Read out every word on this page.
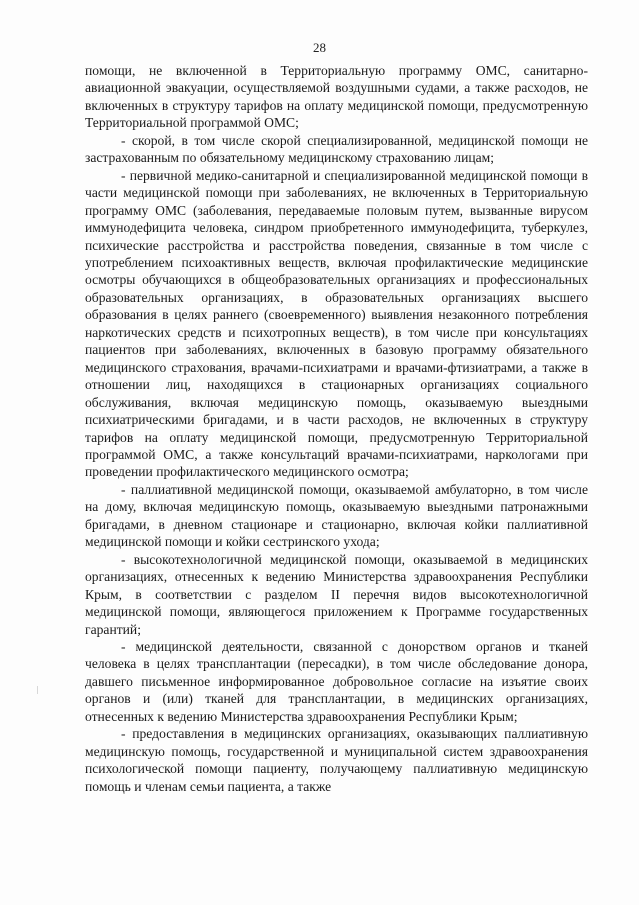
28

помощи, не включенной в Территориальную программу ОМС, санитарно-авиационной эвакуации, осуществляемой воздушными судами, а также расходов, не включенных в структуру тарифов на оплату медицинской помощи, предусмотренную Территориальной программой ОМС;

- скорой, в том числе скорой специализированной, медицинской помощи не застрахованным по обязательному медицинскому страхованию лицам;

- первичной медико-санитарной и специализированной медицинской помощи в части медицинской помощи при заболеваниях, не включенных в Территориальную программу ОМС (заболевания, передаваемые половым путем, вызванные вирусом иммунодефицита человека, синдром приобретенного иммунодефицита, туберкулез, психические расстройства и расстройства поведения, связанные в том числе с употреблением психоактивных веществ, включая профилактические медицинские осмотры обучающихся в общеобразовательных организациях и профессиональных образовательных организациях, в образовательных организациях высшего образования в целях раннего (своевременного) выявления незаконного потребления наркотических средств и психотропных веществ), в том числе при консультациях пациентов при заболеваниях, включенных в базовую программу обязательного медицинского страхования, врачами-психиатрами и врачами-фтизиатрами, а также в отношении лиц, находящихся в стационарных организациях социального обслуживания, включая медицинскую помощь, оказываемую выездными психиатрическими бригадами, и в части расходов, не включенных в структуру тарифов на оплату медицинской помощи, предусмотренную Территориальной программой ОМС, а также консультаций врачами-психиатрами, наркологами при проведении профилактического медицинского осмотра;

- паллиативной медицинской помощи, оказываемой амбулаторно, в том числе на дому, включая медицинскую помощь, оказываемую выездными патронажными бригадами, в дневном стационаре и стационарно, включая койки паллиативной медицинской помощи и койки сестринского ухода;

- высокотехнологичной медицинской помощи, оказываемой в медицинских организациях, отнесенных к ведению Министерства здравоохранения Республики Крым, в соответствии с разделом II перечня видов высокотехнологичной медицинской помощи, являющегося приложением к Программе государственных гарантий;

- медицинской деятельности, связанной с донорством органов и тканей человека в целях трансплантации (пересадки), в том числе обследование донора, давшего письменное информированное добровольное согласие на изъятие своих органов и (или) тканей для трансплантации, в медицинских организациях, отнесенных к ведению Министерства здравоохранения Республики Крым;

- предоставления в медицинских организациях, оказывающих паллиативную медицинскую помощь, государственной и муниципальной систем здравоохранения психологической помощи пациенту, получающему паллиативную медицинскую помощь и членам семьи пациента, а также
